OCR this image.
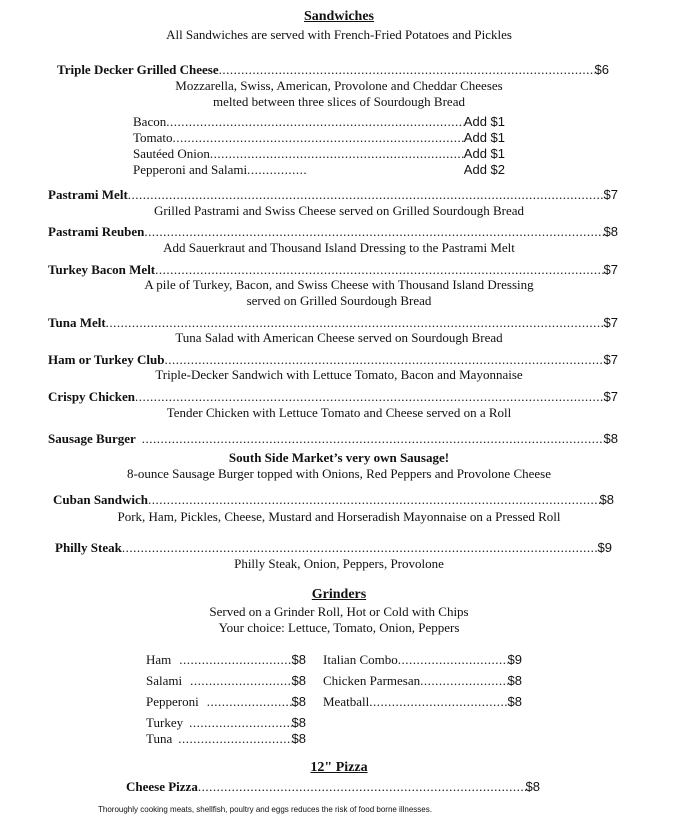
Sandwiches
All Sandwiches are served with French-Fried Potatoes and Pickles
Triple Decker Grilled Cheese .....	$6
Mozzarella, Swiss, American, Provolone and Cheddar Cheeses
melted between three slices of Sourdough Bread
Bacon .....	Add $1
Tomato .....	Add $1
Sautéed Onion .....	Add $1
Pepperoni and Salami .....	Add $2
Pastrami Melt .....	$7
Grilled Pastrami and Swiss Cheese served on Grilled Sourdough Bread
Pastrami Reuben .....	$8
Add Sauerkraut and Thousand Island Dressing to the Pastrami Melt
Turkey Bacon Melt .....	$7
A pile of Turkey, Bacon, and Swiss Cheese with Thousand Island Dressing
served on Grilled Sourdough Bread
Tuna Melt .....	$7
Tuna Salad with American Cheese served on Sourdough Bread
Ham or Turkey Club .....	$7
Triple-Decker Sandwich with Lettuce Tomato, Bacon and Mayonnaise
Crispy Chicken .....	$7
Tender Chicken with Lettuce Tomato and Cheese served on a Roll
Sausage Burger .....	$8
South Side Market’s very own Sausage!
8-ounce Sausage Burger topped with Onions, Red Peppers and Provolone Cheese
Cuban Sandwich .....	$8
Pork, Ham, Pickles, Cheese, Mustard and Horseradish Mayonnaise on a Pressed Roll
Philly Steak .....	$9
Philly Steak, Onion, Peppers, Provolone
Grinders
Served on a Grinder Roll, Hot or Cold with Chips
Your choice: Lettuce, Tomato, Onion, Peppers
Ham .....	$8
Salami .....	$8
Pepperoni .....	$8
Turkey .....	$8
Tuna .....	$8
Italian Combo .....	$9
Chicken Parmesan .....	$8
Meatball .....	$8
12" Pizza
Cheese Pizza .....	$8
Thoroughly cooking meats, shellfish, poultry and eggs reduces the risk of food borne illnesses.
